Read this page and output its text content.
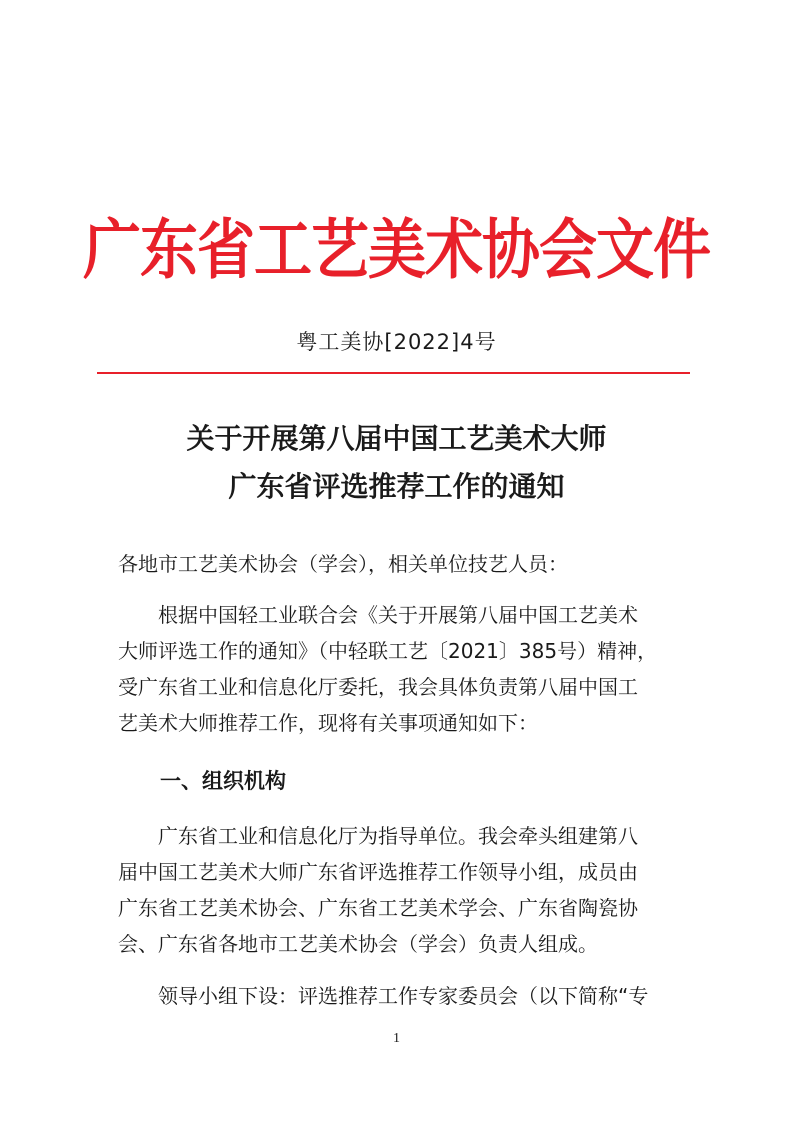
广东省工艺美术协会文件
粤工美协[2022]4号
关于开展第八届中国工艺美术大师
广东省评选推荐工作的通知
各地市工艺美术协会（学会），相关单位技艺人员：
根据中国轻工业联合会《关于开展第八届中国工艺美术
大师评选工作的通知》（中轻联工艺〔2021〕385号）精神，
受广东省工业和信息化厅委托，我会具体负责第八届中国工
艺美术大师推荐工作，现将有关事项通知如下：
一、组织机构
广东省工业和信息化厅为指导单位。我会牵头组建第八
届中国工艺美术大师广东省评选推荐工作领导小组，成员由
广东省工艺美术协会、广东省工艺美术学会、广东省陶瓷协
会、广东省各地市工艺美术协会（学会）负责人组成。
领导小组下设：评选推荐工作专家委员会（以下简称“专
1
